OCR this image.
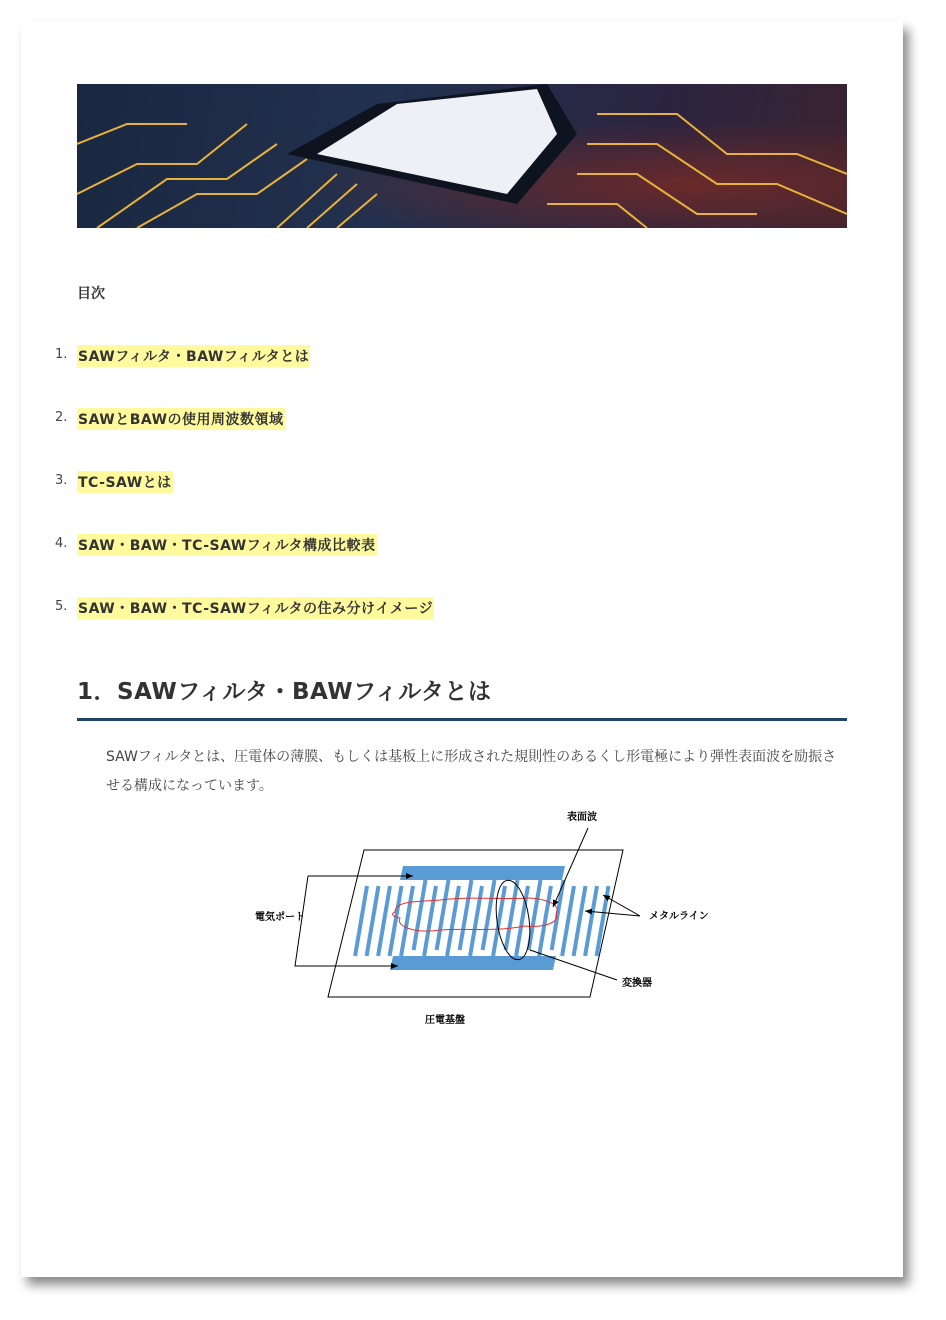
目次
1. SAWフィルタ・BAWフィルタとは
2. SAWとBAWの使用周波数領域
3. TC-SAWとは
4. SAW・BAW・TC-SAWフィルタ構成比較表
5. SAW・BAW・TC-SAWフィルタの住み分けイメージ
1．SAWフィルタ・BAWフィルタとは
SAWフィルタとは、圧電体の薄膜、もしくは基板上に形成された規則性のあるくし形電極により弾性表面波を励振させる構成になっています。
表面波
電気ポート	メタルライン
変換器
圧電基盤
